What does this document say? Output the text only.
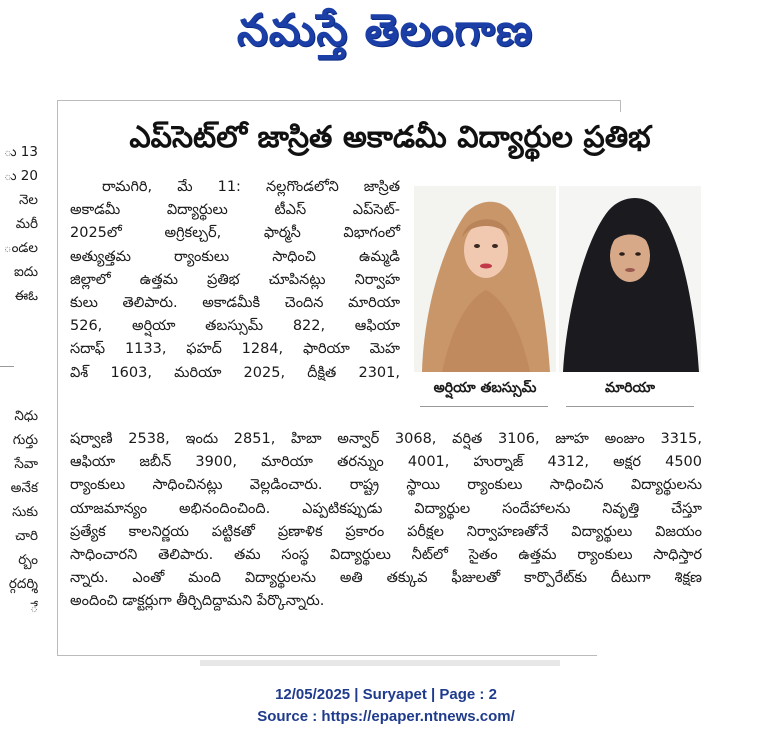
నమస్తే తెలంగాణ
ు 13
ు 20
నెల
మరీ
ండల
ఐదు
ఈఓ
నిధు
గుర్తు
సేవా
అనేక
సుకు
చారి
ర్బం
ర్గదర్శి
ే
ఎప్‌సెట్‌లో జాస్రిత అకాడమీ విద్యార్థుల ప్రతిభ
రామగిరి, మే 11: నల్లగొండలోని జాస్రిత
అకాడమీ విద్యార్థులు టీఎస్ ఎప్‌సెట్-
2025లో అగ్రికల్చర్, ఫార్మసీ విభాగంలో
అత్యుత్తమ ర్యాంకులు సాధించి ఉమ్మడి
జిల్లాలో ఉత్తమ ప్రతిభ చూపినట్లు నిర్వాహ
కులు తెలిపారు. అకాడమీకి చెందిన మారియా
526, అర్షియా తబస్సుమ్ 822, ఆఫియా
సదాఫ్ 1133, ఫహద్ 1284, ఫారియా మెహ
విశ్ 1603, మరియా 2025, దీక్షిత 2301,
అర్షియా తబస్సుమ్	మారియా
షర్వాణి 2538, ఇందు 2851, హిబా అన్వార్ 3068, వర్షిత 3106, జూహ అంజుం 3315,
ఆఫియా జబీన్ 3900, మారియా తరన్నుం 4001, హుర్నాజ్ 4312, అక్షర 4500
ర్యాంకులు సాధించినట్లు వెల్లడించారు. రాష్ట్ర స్థాయి ర్యాంకులు సాధించిన విద్యార్థులను
యాజమాన్యం అభినందించింది. ఎప్పటికప్పుడు విద్యార్థుల సందేహాలను నివృత్తి చేస్తూ
ప్రత్యేక కాలనిర్ణయ పట్టికతో ప్రణాళిక ప్రకారం పరీక్షల నిర్వాహణతోనే విద్యార్థులు విజయం
సాధించారని తెలిపారు. తమ సంస్థ విద్యార్థులు నీట్‌లో సైతం ఉత్తమ ర్యాంకులు సాధిస్తార
న్నారు. ఎంతో మంది విద్యార్థులను అతి తక్కువ ఫీజులతో కార్పొరేట్‌కు దీటుగా శిక్షణ
అందించి డాక్టర్లుగా తీర్చిదిద్దామని పేర్కొన్నారు.
12/05/2025 | Suryapet | Page : 2
Source : https://epaper.ntnews.com/
